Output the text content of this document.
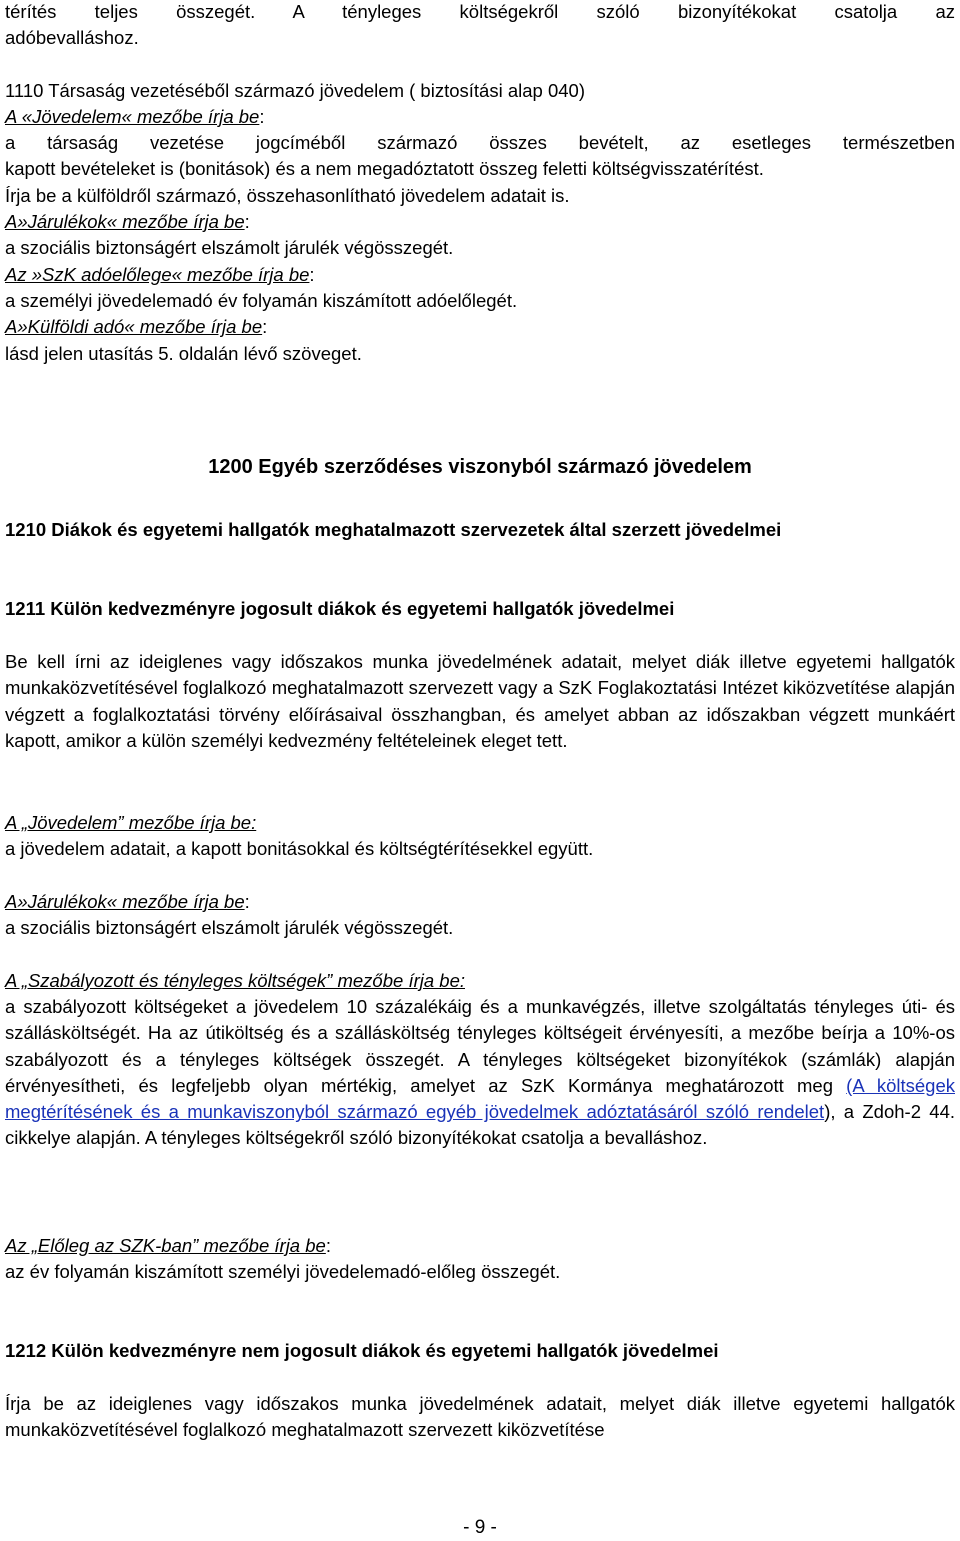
térítés teljes összegét. A tényleges költségekről szóló bizonyítékokat csatolja az

adóbevalláshoz.

1110 Társaság vezetéséből származó jövedelem ( biztosítási alap 040)

A «Jövedelem« mezőbe írja be:

a társaság vezetése jogcíméből származó összes bevételt, az esetleges természetben

kapott bevételeket is (bonitások) és a nem megadóztatott összeg feletti költségvisszatérítést.

Írja be a külföldről származó, összehasonlítható jövedelem adatait is.

A»Járulékok« mezőbe írja be:

a szociális biztonságért elszámolt járulék végösszegét.

Az »SzK adóelőlege« mezőbe írja be:

a személyi jövedelemadó év folyamán kiszámított adóelőlegét.

A»Külföldi adó« mezőbe írja be:

lásd jelen utasítás 5. oldalán lévő szöveget.

1200 Egyéb szerződéses viszonyból származó jövedelem

1210 Diákok és egyetemi hallgatók meghatalmazott szervezetek által szerzett jövedelmei

1211 Külön kedvezményre jogosult diákok és egyetemi hallgatók jövedelmei

Be kell írni az ideiglenes vagy időszakos munka jövedelmének adatait, melyet diák illetve egyetemi hallgatók munkaközvetítésével foglalkozó meghatalmazott szervezett vagy a SzK Foglakoztatási Intézet kiközvetítése alapján végzett a foglalkoztatási törvény előírásaival összhangban, és amelyet abban az időszakban végzett munkáért kapott, amikor a külön személyi kedvezmény feltételeinek eleget tett.

A „Jövedelem” mezőbe írja be:

a jövedelem adatait, a kapott bonitásokkal és költségtérítésekkel együtt.

A»Járulékok« mezőbe írja be:

a szociális biztonságért elszámolt járulék végösszegét.

A „Szabályozott és tényleges költségek” mezőbe írja be:

a szabályozott költségeket a jövedelem 10 százalékáig és a munkavégzés, illetve szolgáltatás tényleges úti- és szállásköltségét. Ha az útiköltség és a szállásköltség tényleges költségeit érvényesíti, a mezőbe beírja a 10%-os szabályozott és a tényleges költségek összegét. A tényleges költségeket bizonyítékok (számlák) alapján érvényesítheti, és legfeljebb olyan mértékig, amelyet az SzK Kormánya meghatározott meg (A költségek megtérítésének és a munkaviszonyból származó egyéb jövedelmek adóztatásáról szóló rendelet), a Zdoh-2 44. cikkelye alapján. A tényleges költségekről szóló bizonyítékokat csatolja a bevalláshoz.

Az „Előleg az SZK-ban” mezőbe írja be:

az év folyamán kiszámított személyi jövedelemadó-előleg összegét.

1212 Külön kedvezményre nem jogosult diákok és egyetemi hallgatók jövedelmei

Írja be az ideiglenes vagy időszakos munka jövedelmének adatait, melyet diák illetve egyetemi hallgatók munkaközvetítésével foglalkozó meghatalmazott szervezett kiközvetítése

- 9 -
